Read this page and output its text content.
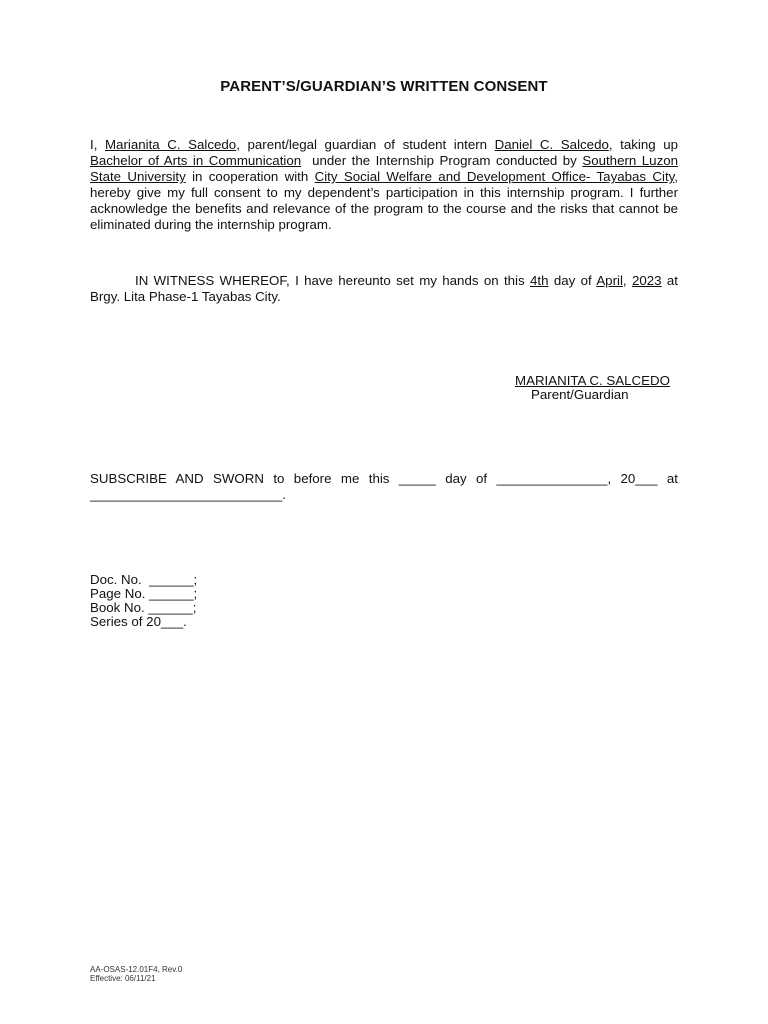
PARENT’S/GUARDIAN’S WRITTEN CONSENT
I, Marianita C. Salcedo, parent/legal guardian of student intern Daniel C. Salcedo, taking up Bachelor of Arts in Communication  under the Internship Program conducted by Southern Luzon State University in cooperation with City Social Welfare and Development Office- Tayabas City, hereby give my full consent to my dependent’s participation in this internship program. I further acknowledge the benefits and relevance of the program to the course and the risks that cannot be eliminated during the internship program.
IN WITNESS WHEREOF, I have hereunto set my hands on this 4th day of April, 2023 at Brgy. Lita Phase-1 Tayabas City.
MARIANITA C. SALCEDO
Parent/Guardian
SUBSCRIBE AND SWORN to before me this _____ day of _______________, 20___ at __________________________.
Doc. No.  ______;
Page No. ______;
Book No. ______;
Series of 20___.
AA-OSAS-12.01F4, Rev.0
Effective: 06/11/21
